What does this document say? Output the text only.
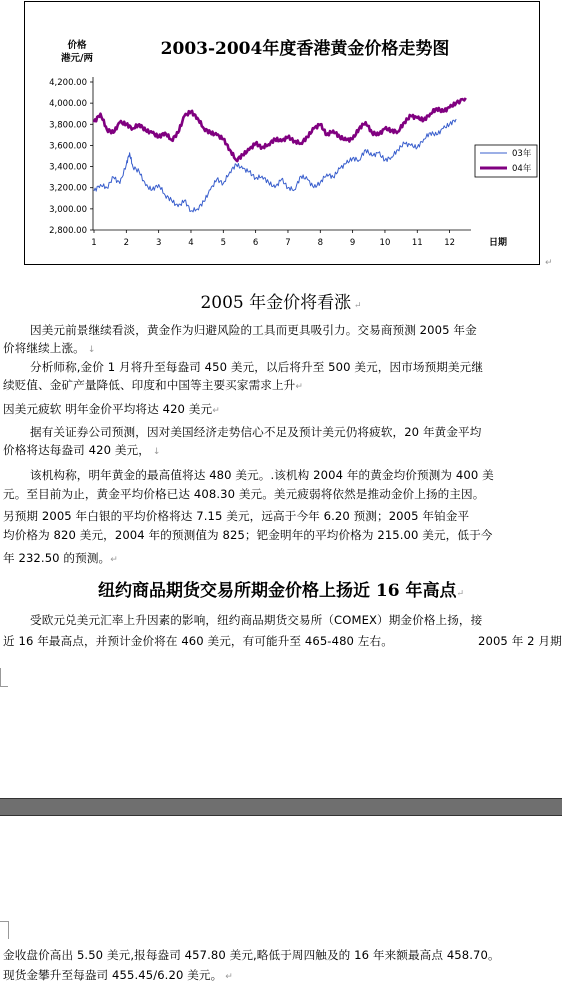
2003-2004年度香港黄金价格走势图
价格
港元/两
日期
2,800.00
3,000.00
3,200.00
3,400.00
3,600.00
3,800.00
4,000.00
4,200.00
1	2	3	4	5	6	7	8	9	10	11	12
03年
04年
↵
2005 年金价将看涨 ↵
因美元前景继续看淡，黄金作为归避风险的工具而更具吸引力。交易商预测 2005 年金
价将继续上涨。 ↓
分析师称,金价 1 月将升至每盎司 450 美元，以后将升至 500 美元，因市场预期美元继
续贬值、金矿产量降低、印度和中国等主要买家需求上升↵
因美元疲软 明年金价平均将达 420 美元↵
据有关证券公司预测，因对美国经济走势信心不足及预计美元仍将疲软，20 年黄金平均
价格将达每盎司 420 美元， ↓
该机构称，明年黄金的最高值将达 480 美元。.该机构 2004 年的黄金均价预测为 400 美
元。至目前为止，黄金平均价格已达 408.30 美元。美元疲弱将依然是推动金价上扬的主因。
另预期 2005 年白银的平均价格将达 7.15 美元，远高于今年 6.20 预测；2005 年铂金平
均价格为 820 美元，2004 年的预测值为 825；钯金明年的平均价格为 215.00 美元，低于今
年 232.50 的预测。↵
纽约商品期货交易所期金价格上扬近 16 年高点↵
受欧元兑美元汇率上升因素的影响，纽约商品期货交易所（COMEX）期金价格上扬，接
近 16 年最高点，并预计金价将在 460 美元，有可能升至 465-480 左右。	2005 年 2 月期
金收盘价高出 5.50 美元,报每盎司 457.80 美元,略低于周四触及的 16 年来额最高点 458.70。
现货金攀升至每盎司 455.45/6.20 美元。 ↵
